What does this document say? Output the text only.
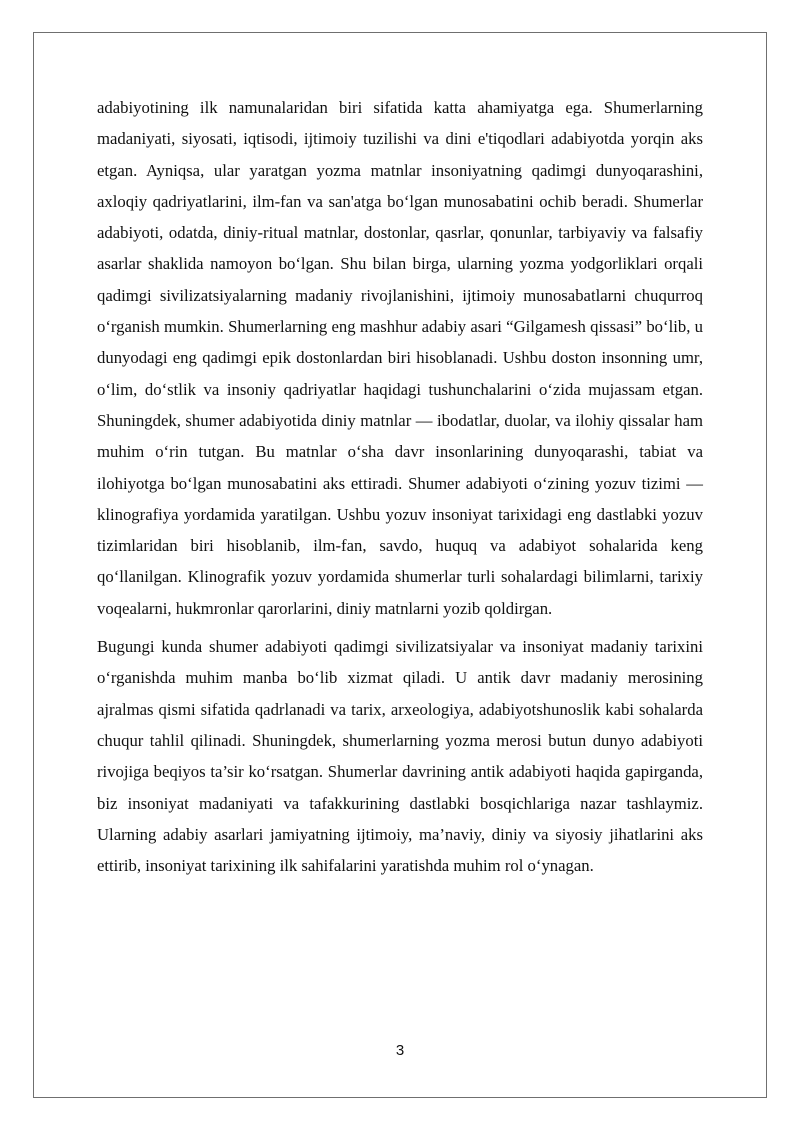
adabiyotining ilk namunalaridan biri sifatida katta ahamiyatga ega. Shumerlarning madaniyati, siyosati, iqtisodi, ijtimoiy tuzilishi va dini e'tiqodlari adabiyotda yorqin aks etgan. Ayniqsa, ular yaratgan yozma matnlar insoniyatning qadimgi dunyoqarashini, axloqiy qadriyatlarini, ilm-fan va san'atga bo‘lgan munosabatini ochib beradi. Shumerlar adabiyoti, odatda, diniy-ritual matnlar, dostonlar, qasrlar, qonunlar, tarbiyaviy va falsafiy asarlar shaklida namoyon bo‘lgan. Shu bilan birga, ularning yozma yodgorliklari orqali qadimgi sivilizatsiyalarning madaniy rivojlanishini, ijtimoiy munosabatlarni chuqurroq o‘rganish mumkin. Shumerlarning eng mashhur adabiy asari “Gilgamesh qissasi” bo‘lib, u dunyodagi eng qadimgi epik dostonlardan biri hisoblanadi. Ushbu doston insonning umr, o‘lim, do‘stlik va insoniy qadriyatlar haqidagi tushunchalarini o‘zida mujassam etgan. Shuningdek, shumer adabiyotida diniy matnlar — ibodatlar, duolar, va ilohiy qissalar ham muhim o‘rin tutgan. Bu matnlar o‘sha davr insonlarining dunyoqarashi, tabiat va ilohiyotga bo‘lgan munosabatini aks ettiradi. Shumer adabiyoti o‘zining yozuv tizimi — klinografiya yordamida yaratilgan. Ushbu yozuv insoniyat tarixidagi eng dastlabki yozuv tizimlaridan biri hisoblanib, ilm-fan, savdo, huquq va adabiyot sohalarida keng qo‘llanilgan. Klinografik yozuv yordamida shumerlar turli sohalardagi bilimlarni, tarixiy voqealarni, hukmronlar qarorlarini, diniy matnlarni yozib qoldirgan.

Bugungi kunda shumer adabiyoti qadimgi sivilizatsiyalar va insoniyat madaniy tarixini o‘rganishda muhim manba bo‘lib xizmat qiladi. U antik davr madaniy merosining ajralmas qismi sifatida qadrlanadi va tarix, arxeologiya, adabiyotshunoslik kabi sohalarda chuqur tahlil qilinadi. Shuningdek, shumerlarning yozma merosi butun dunyo adabiyoti rivojiga beqiyos ta’sir ko‘rsatgan. Shumerlar davrining antik adabiyoti haqida gapirganda, biz insoniyat madaniyati va tafakkurining dastlabki bosqichlariga nazar tashlaymiz. Ularning adabiy asarlari jamiyatning ijtimoiy, ma’naviy, diniy va siyosiy jihatlarini aks ettirib, insoniyat tarixining ilk sahifalarini yaratishda muhim rol o‘ynagan.

3
